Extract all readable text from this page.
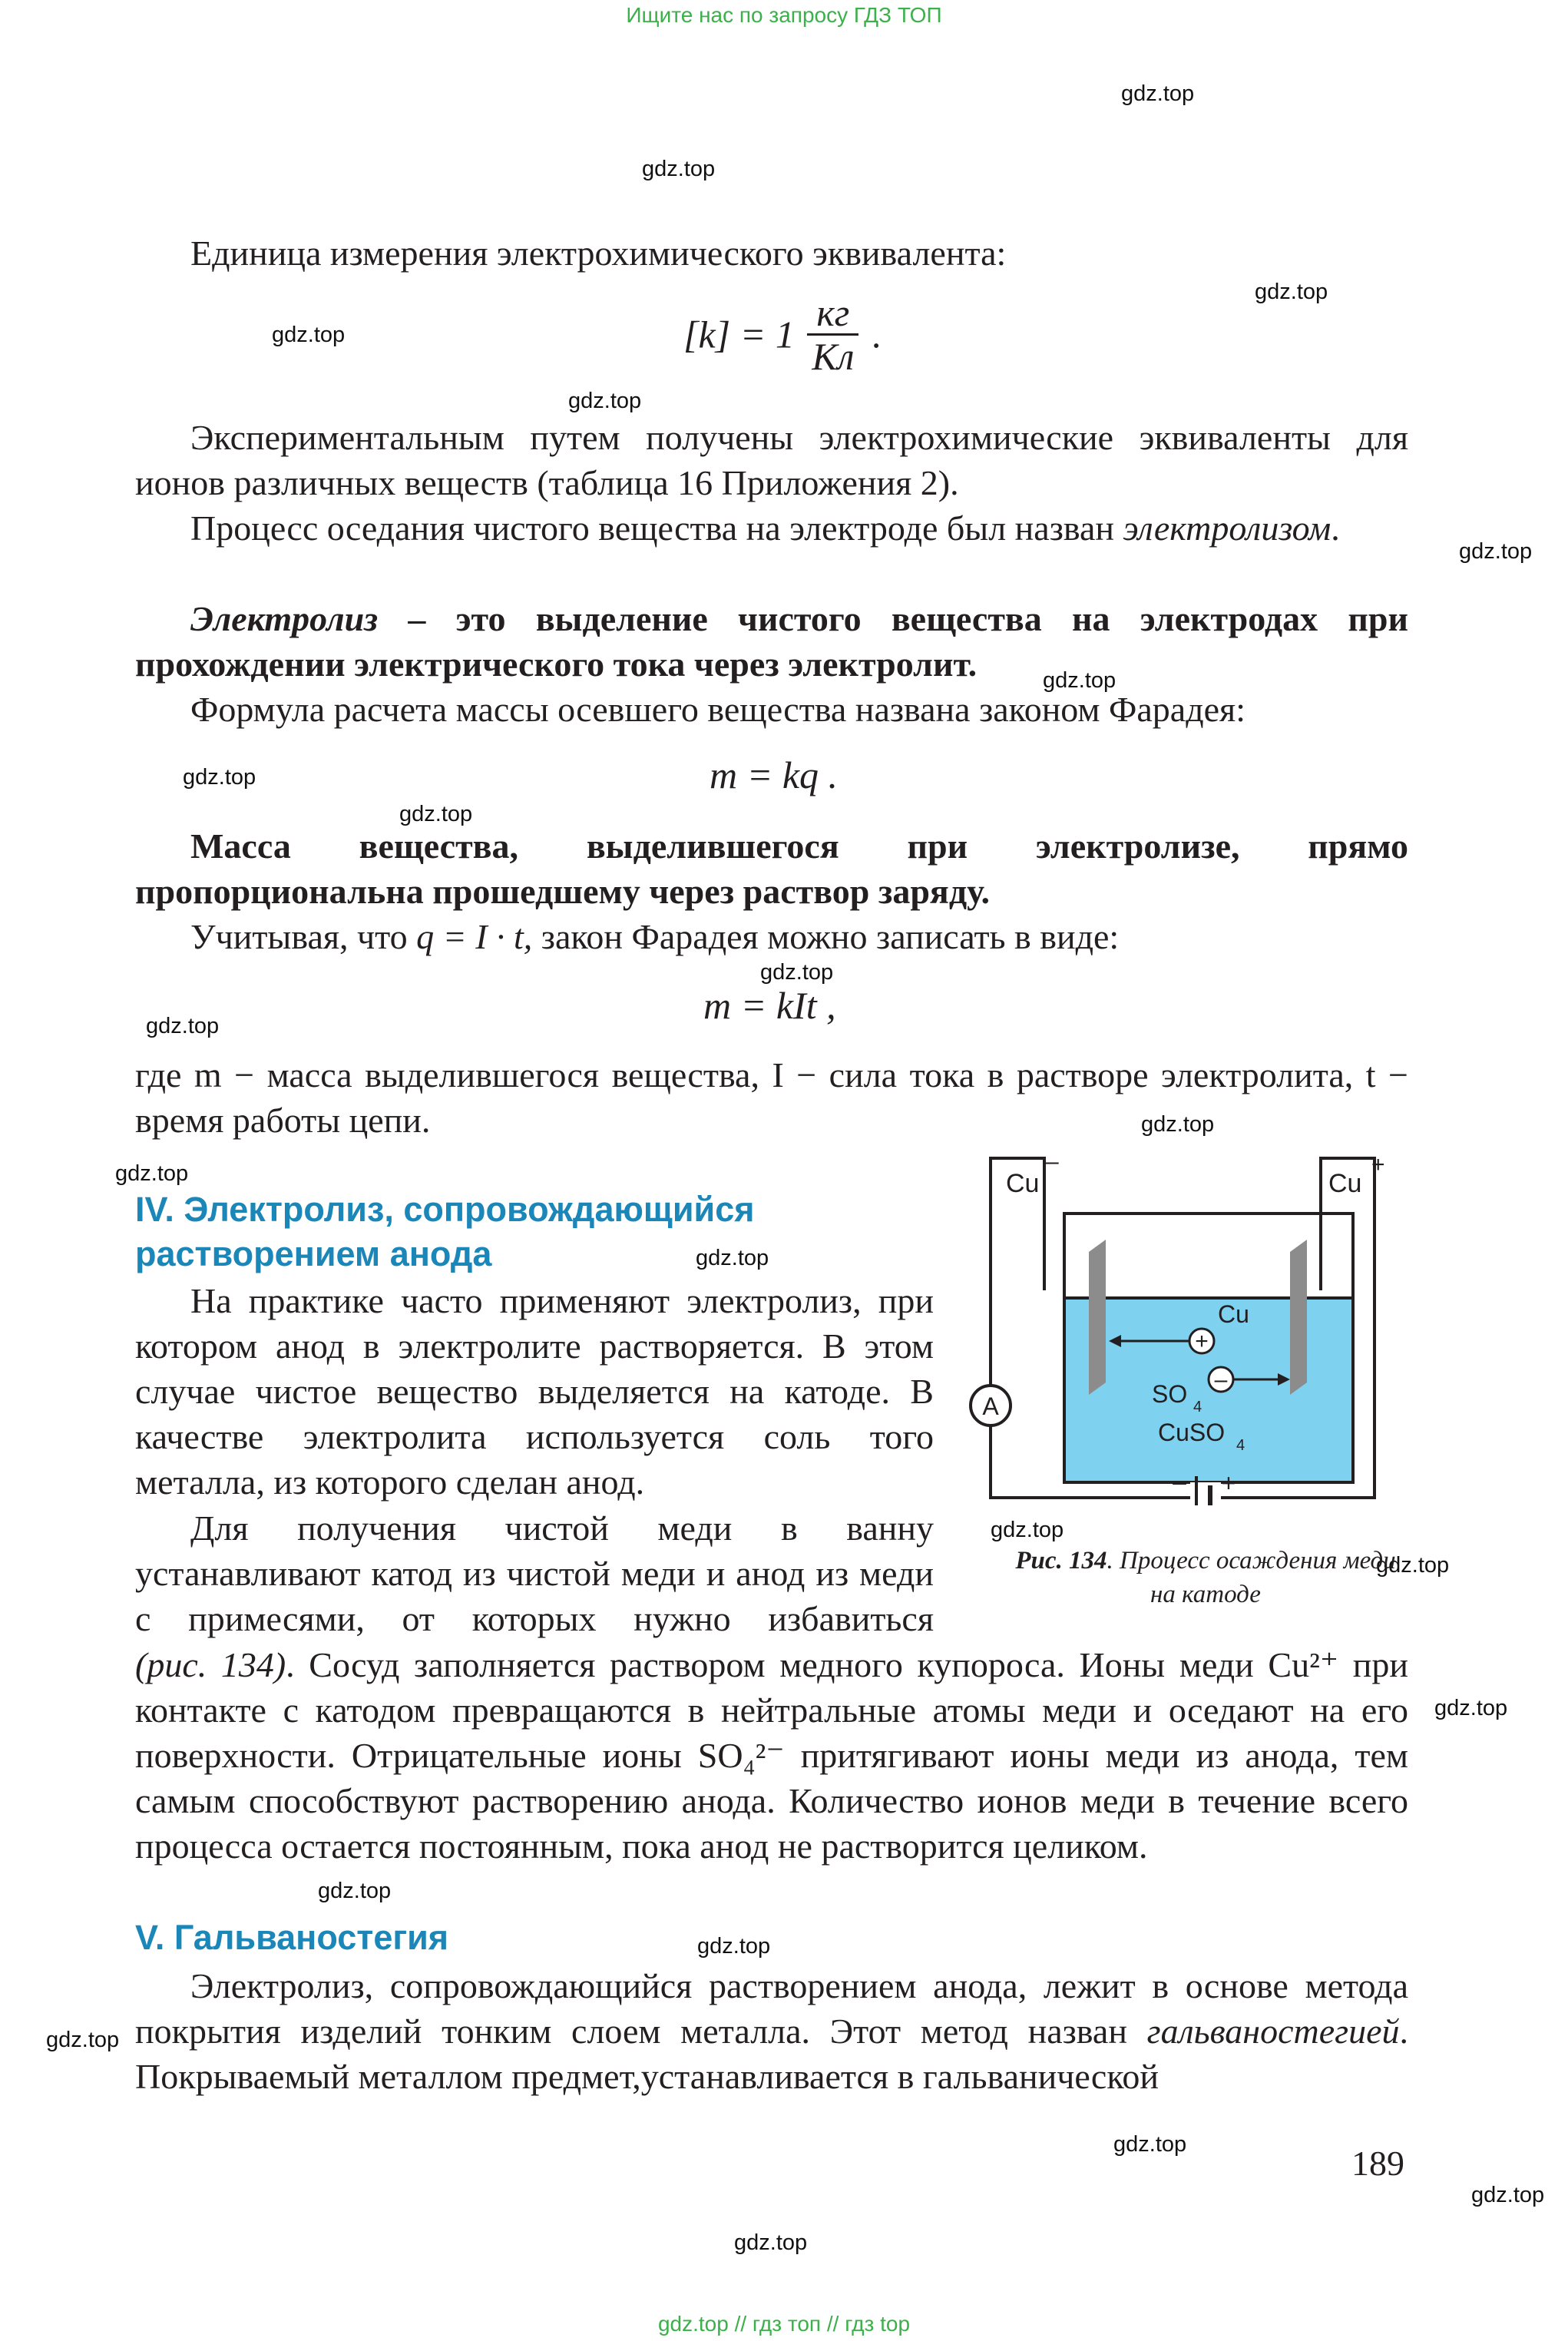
Ищите нас по запросу ГДЗ ТОП
gdz.top
gdz.top
gdz.top
gdz.top
gdz.top
gdz.top
gdz.top
gdz.top
gdz.top
gdz.top
gdz.top
gdz.top
gdz.top
gdz.top
gdz.top
gdz.top
gdz.top
gdz.top
gdz.top
gdz.top
gdz.top
gdz.top
gdz.top
Единица измерения электрохимического эквивалента:
$[k] = 1 \frac{кг}{Кл}$ .
Экспериментальным путем получены электрохимические эквиваленты для ионов различных веществ (таблица 16 Приложения 2).
Процесс оседания чистого вещества на электроде был назван электролизом.
Электролиз – это выделение чистого вещества на электродах при прохождении электрического тока через электролит.
Формула расчета массы осевшего вещества названа законом Фарадея:
m = kq .
Масса вещества, выделившегося при электролизе, прямо пропорциональна прошедшему через раствор заряду.
Учитывая, что q = I · t, закон Фарадея можно записать в виде:
m = kIt ,
где m − масса выделившегося вещества, I − сила тока в растворе электролита, t − время работы цепи.
IV. Электролиз, сопровождающийся
растворением анода
На практике часто применяют электролиз, при котором анод в электролите растворяется. В этом случае чистое вещество выделяется на катоде. В качестве электролита используется соль того металла, из которого сделан анод.
Для получения чистой меди в ванну устанавливают катод из чистой меди и анод из меди с примесями, от которых нужно избавиться
(рис. 134). Сосуд заполняется раствором медного купороса. Ионы меди Cu²⁺ при контакте с катодом превращаются в нейтральные атомы меди и оседают на его поверхности. Отрицательные ионы SO₄²⁻ притягивают ионы меди из анода, тем самым способствуют растворению анода. Количество ионов меди в течение всего процесса остается постоянным, пока анод не растворится целиком.
Cu
–
Cu
+
+
Cu
–
SO 4
CuSO 4
A
– +
Рис. 134. Процесс осаждения меди на катоде
V. Гальваностегия
Электролиз, сопровождающийся растворением анода, лежит в основе метода покрытия изделий тонким слоем металла. Этот метод назван гальваностегией. Покрываемый металлом предмет,устанавливается в гальванической
189
gdz.top // гдз топ // гдз top
